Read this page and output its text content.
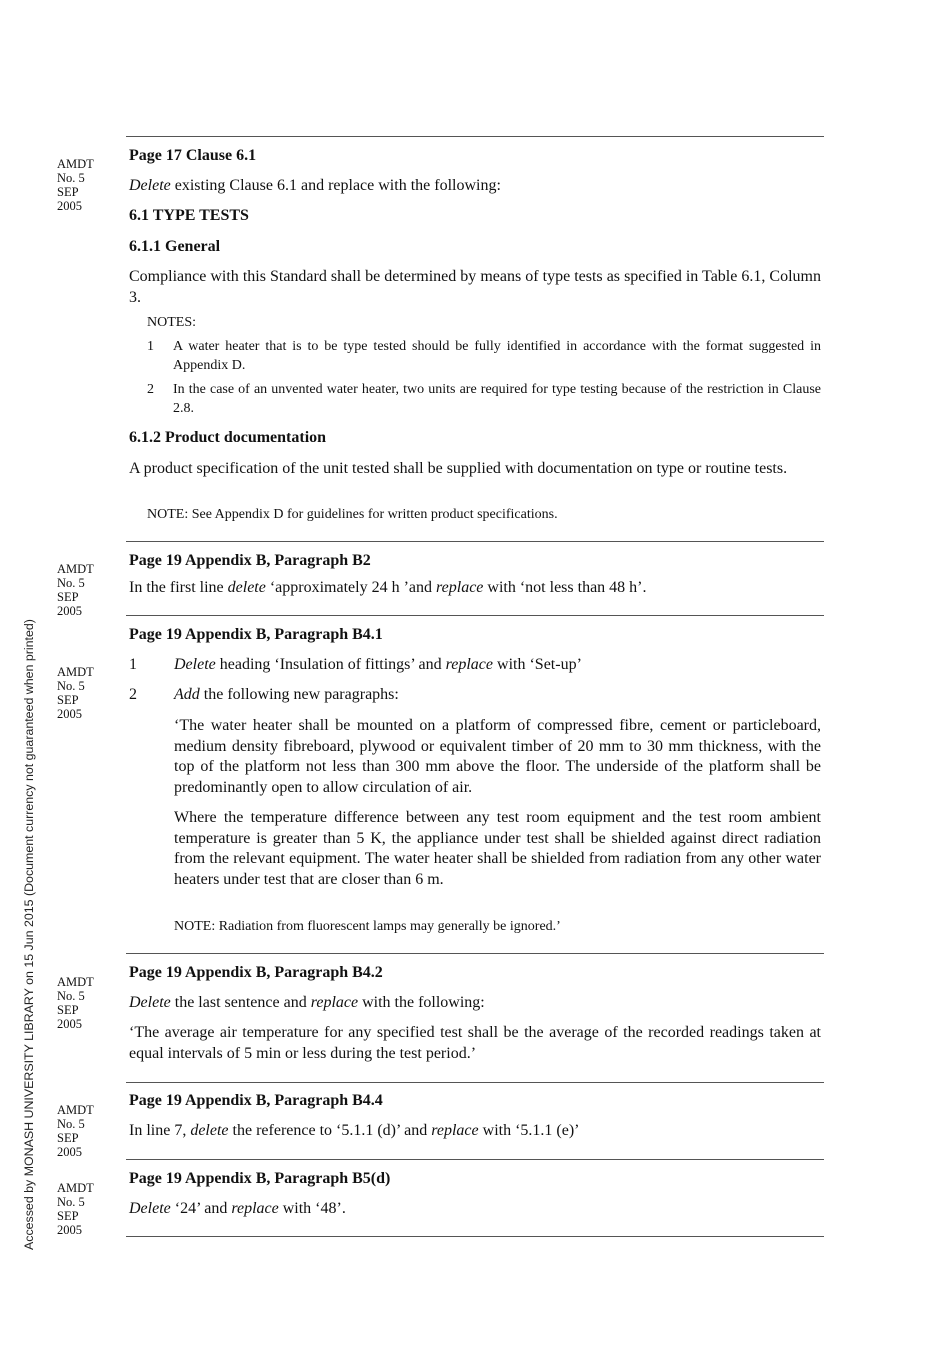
Accessed by MONASH UNIVERSITY LIBRARY on 15 Jun 2015 (Document currency not guaranteed when printed)
AMDT
No. 5
SEP
2005
AMDT
No. 5
SEP
2005
AMDT
No. 5
SEP
2005
AMDT
No. 5
SEP
2005
AMDT
No. 5
SEP
2005
AMDT
No. 5
SEP
2005

Page 17 Clause 6.1

Delete existing Clause 6.1 and replace with the following:

6.1 TYPE TESTS

6.1.1 General

Compliance with this Standard shall be determined by means of type tests as specified in Table 6.1, Column 3.

NOTES:

1	A water heater that is to be type tested should be fully identified in accordance with the format suggested in Appendix D.
2	In the case of an unvented water heater, two units are required for type testing because of the restriction in Clause 2.8.

6.1.2 Product documentation

A product specification of the unit tested shall be supplied with documentation on type or routine tests.

NOTE: See Appendix D for guidelines for written product specifications.

Page 19 Appendix B, Paragraph B2

In the first line delete ‘approximately 24 h ’and replace with ‘not less than 48 h’.

Page 19 Appendix B, Paragraph B4.1

1	Delete heading ‘Insulation of fittings’ and replace with ‘Set-up’
2	Add the following new paragraphs:

‘The water heater shall be mounted on a platform of compressed fibre, cement or particleboard, medium density fibreboard, plywood or equivalent timber of 20 mm to 30 mm thickness, with the top of the platform not less than 300 mm above the floor. The underside of the platform shall be predominantly open to allow circulation of air.

Where the temperature difference between any test room equipment and the test room ambient temperature is greater than 5 K, the appliance under test shall be shielded against direct radiation from the relevant equipment. The water heater shall be shielded from radiation from any other water heaters under test that are closer than 6 m.

NOTE: Radiation from fluorescent lamps may generally be ignored.’

Page 19 Appendix B, Paragraph B4.2

Delete the last sentence and replace with the following:

‘The average air temperature for any specified test shall be the average of the recorded readings taken at equal intervals of 5 min or less during the test period.’

Page 19 Appendix B, Paragraph B4.4

In line 7, delete the reference to ‘5.1.1 (d)’ and replace with ‘5.1.1 (e)’

Page 19 Appendix B, Paragraph B5(d)

Delete ‘24’ and replace with ‘48’.
